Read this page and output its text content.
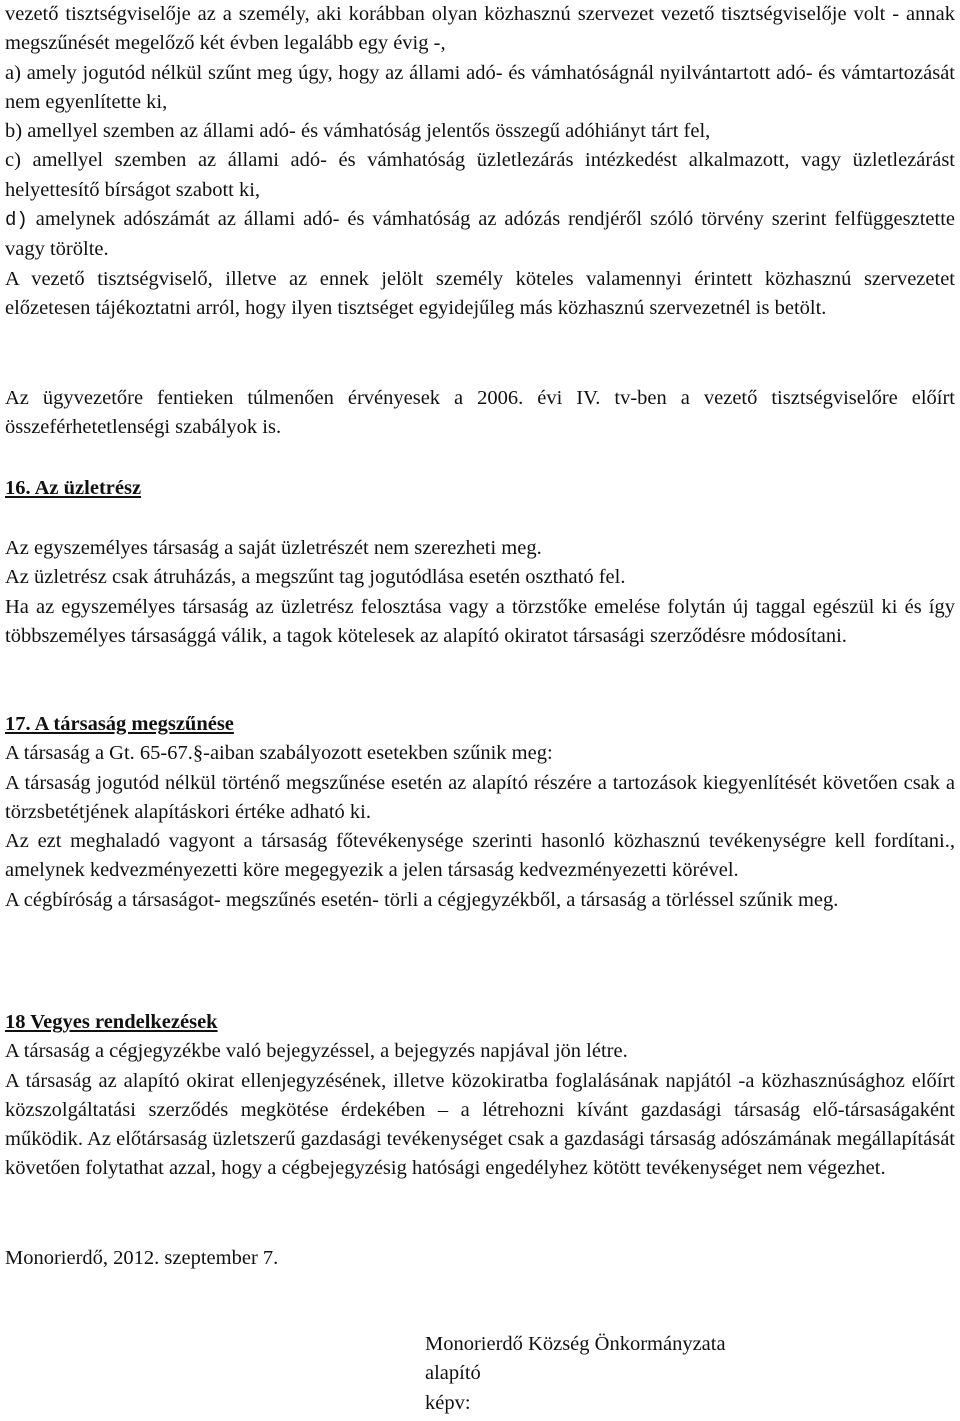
vezető tisztségviselője az a személy, aki korábban olyan közhasznú szervezet vezető tisztségviselője volt - annak megszűnését megelőző két évben legalább egy évig -,

a) amely jogutód nélkül szűnt meg úgy, hogy az állami adó- és vámhatóságnál nyilvántartott adó- és vámtartozását nem egyenlítette ki,

b) amellyel szemben az állami adó- és vámhatóság jelentős összegű adóhiányt tárt fel,

c) amellyel szemben az állami adó- és vámhatóság üzletlezárás intézkedést alkalmazott, vagy üzletlezárást helyettesítő bírságot szabott ki,

d) amelynek adószámát az állami adó- és vámhatóság az adózás rendjéről szóló törvény szerint felfüggesztette vagy törölte.

A vezető tisztségviselő, illetve az ennek jelölt személy köteles valamennyi érintett közhasznú szervezetet előzetesen tájékoztatni arról, hogy ilyen tisztséget egyidejűleg más közhasznú szervezetnél is betölt.

Az ügyvezetőre fentieken túlmenően érvényesek a 2006. évi IV. tv-ben a vezető tisztségviselőre előírt összeférhetetlenségi szabályok is.

16. Az üzletrész

Az egyszemélyes társaság a saját üzletrészét nem szerezheti meg.

Az üzletrész csak átruházás, a megszűnt tag jogutódlása esetén osztható fel.

Ha az egyszemélyes társaság az üzletrész felosztása vagy a törzstőke emelése folytán új taggal egészül ki és így többszemélyes társasággá válik, a tagok kötelesek az alapító okiratot társasági szerződésre módosítani.

17. A társaság megszűnése

A társaság a Gt. 65-67.§-aiban szabályozott esetekben szűnik meg:

A társaság jogutód nélkül történő megszűnése esetén az alapító részére a tartozások kiegyenlítését követően csak a törzsbetétjének alapításkori értéke adható ki.

Az ezt meghaladó vagyont a társaság főtevékenysége szerinti hasonló közhasznú tevékenységre kell fordítani., amelynek kedvezményezetti köre megegyezik a jelen társaság kedvezményezetti körével.

A cégbíróság a társaságot- megszűnés esetén- törli a cégjegyzékből, a társaság a törléssel szűnik meg.

18 Vegyes rendelkezések

A társaság a cégjegyzékbe való bejegyzéssel, a bejegyzés napjával jön létre.

A társaság az alapító okirat ellenjegyzésének, illetve közokiratba foglalásának napjától -a közhasznúsághoz előírt közszolgáltatási szerződés megkötése érdekében – a létrehozni kívánt gazdasági társaság elő-társaságaként működik. Az előtársaság üzletszerű gazdasági tevékenységet csak a gazdasági társaság adószámának megállapítását követően folytathat azzal, hogy a cégbejegyzésig hatósági engedélyhez kötött tevékenységet nem végezhet.

Monorierdő, 2012. szeptember 7.

Monorierdő Község Önkormányzata

alapító

képv:
